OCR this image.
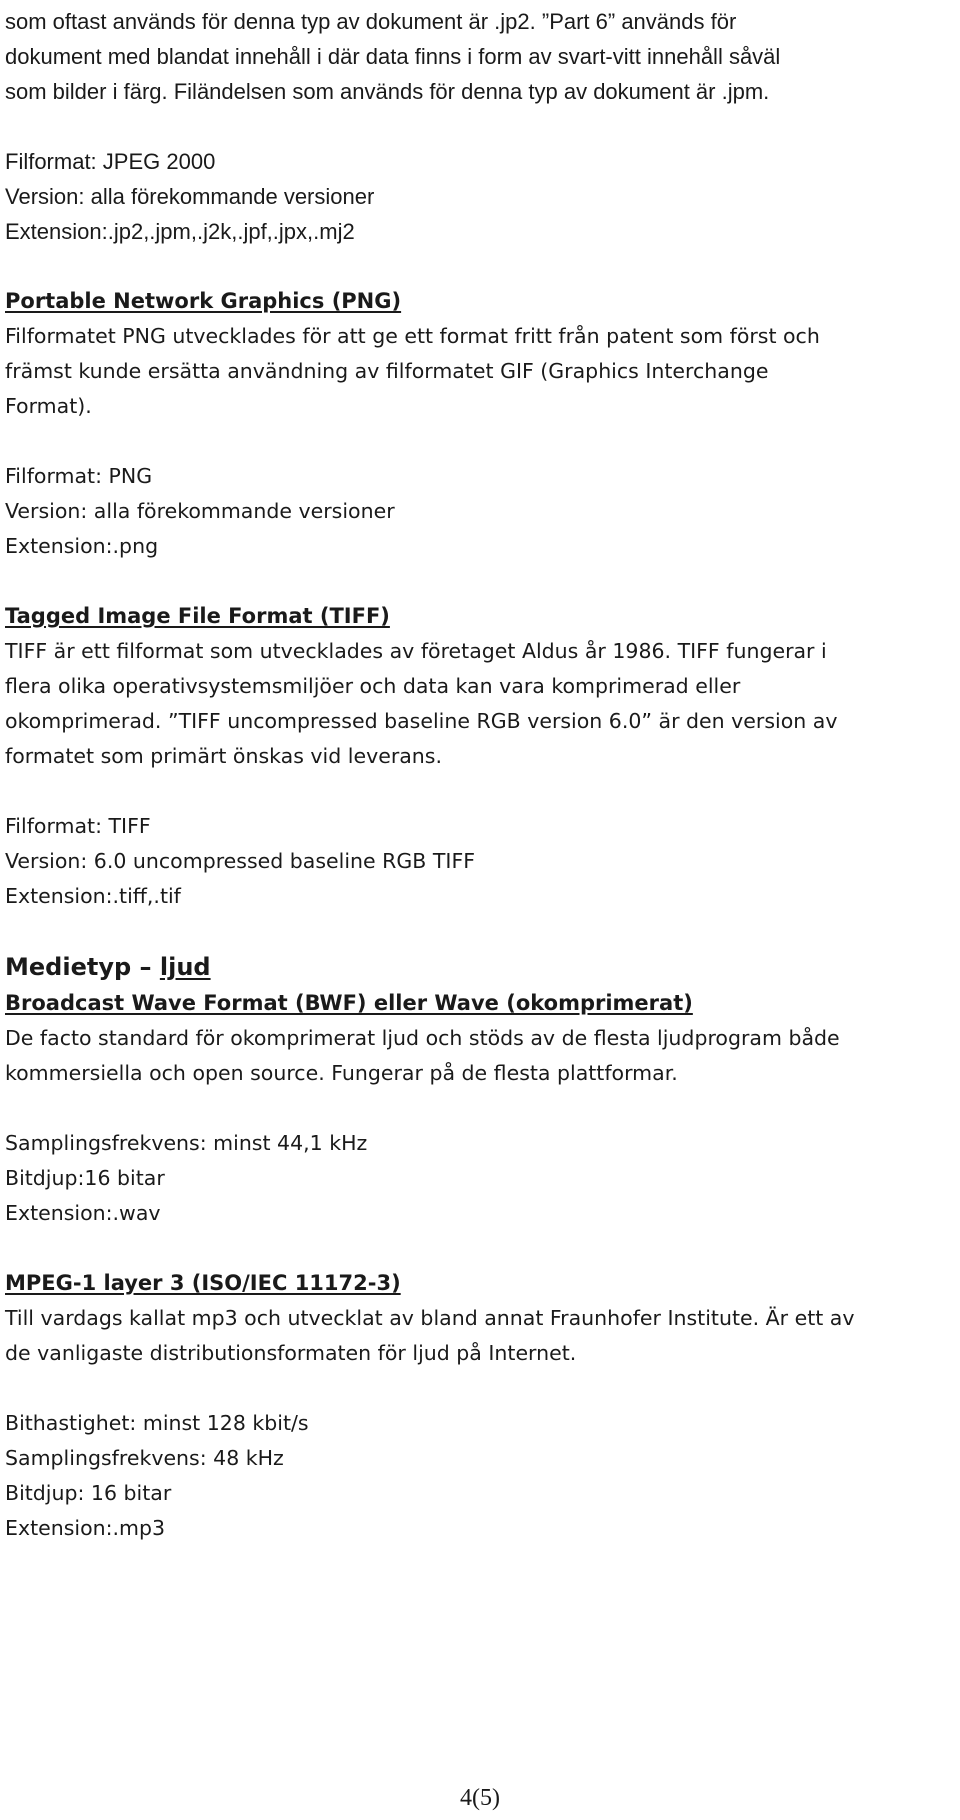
som oftast används för denna typ av dokument är .jp2. ”Part 6” används för

dokument med blandat innehåll i där data finns i form av svart-vitt innehåll såväl

som bilder i färg. Filändelsen som används för denna typ av dokument är .jpm.

Filformat: JPEG 2000

Version: alla förekommande versioner

Extension:.jp2,.jpm,.j2k,.jpf,.jpx,.mj2

Portable Network Graphics (PNG)

Filformatet PNG utvecklades för att ge ett format fritt från patent som först och

främst kunde ersätta användning av filformatet GIF (Graphics Interchange

Format).

Filformat: PNG

Version: alla förekommande versioner

Extension:.png

Tagged Image File Format (TIFF)

TIFF är ett filformat som utvecklades av företaget Aldus år 1986. TIFF fungerar i

flera olika operativsystemsmiljöer och data kan vara komprimerad eller

okomprimerad. ”TIFF uncompressed baseline RGB version 6.0” är den version av

formatet som primärt önskas vid leverans.

Filformat: TIFF

Version: 6.0 uncompressed baseline RGB TIFF

Extension:.tiff,.tif

Medietyp – ljud

Broadcast Wave Format (BWF) eller Wave (okomprimerat)

De facto standard för okomprimerat ljud och stöds av de flesta ljudprogram både

kommersiella och open source. Fungerar på de flesta plattformar.

Samplingsfrekvens: minst 44,1 kHz

Bitdjup:16 bitar

Extension:.wav

MPEG-1 layer 3 (ISO/IEC 11172-3)

Till vardags kallat mp3 och utvecklat av bland annat Fraunhofer Institute. Är ett av

de vanligaste distributionsformaten för ljud på Internet.

Bithastighet: minst 128 kbit/s

Samplingsfrekvens: 48 kHz

Bitdjup: 16 bitar

Extension:.mp3

4(5)
